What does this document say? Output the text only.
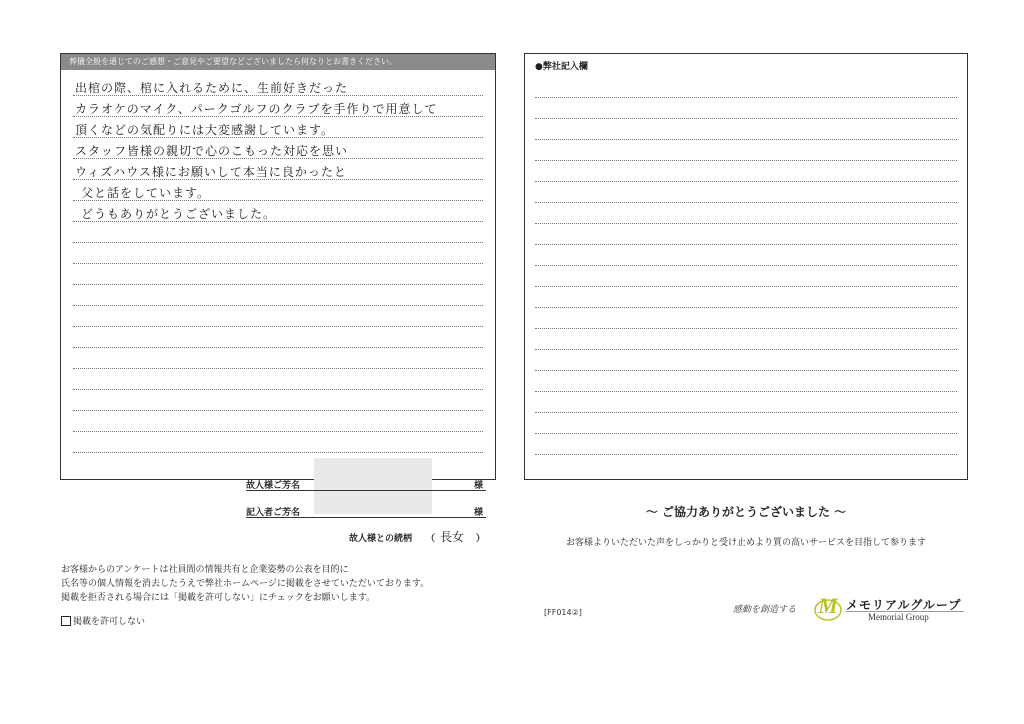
葬儀全般を通じてのご感想・ご意見やご要望などございましたら何なりとお書きください。
出棺の際、棺に入れるために、生前好きだった
カラオケのマイク、パークゴルフのクラブを手作りで用意して
頂くなどの気配りには大変感謝しています。
スタッフ皆様の親切で心のこもった対応を思い
ウィズハウス様にお願いして本当に良かったと
父と話をしています。
どうもありがとうございました。
故人様ご芳名	様
記入者ご芳名	様
故人様との続柄 （ 長女 ）
●弊社記入欄
〜 ご協力ありがとうございました 〜
お客様よりいただいた声をしっかりと受け止めより質の高いサービスを目指して参ります
お客様からのアンケートは社員間の情報共有と企業姿勢の公表を目的に
氏名等の個人情報を消去したうえで弊社ホームページに掲載をさせていただいております。
掲載を拒否される場合には「掲載を許可しない」にチェックをお願いします。
掲載を許可しない
[FF014②]	感動を創造する M メモリアルグループ
Memorial Group
